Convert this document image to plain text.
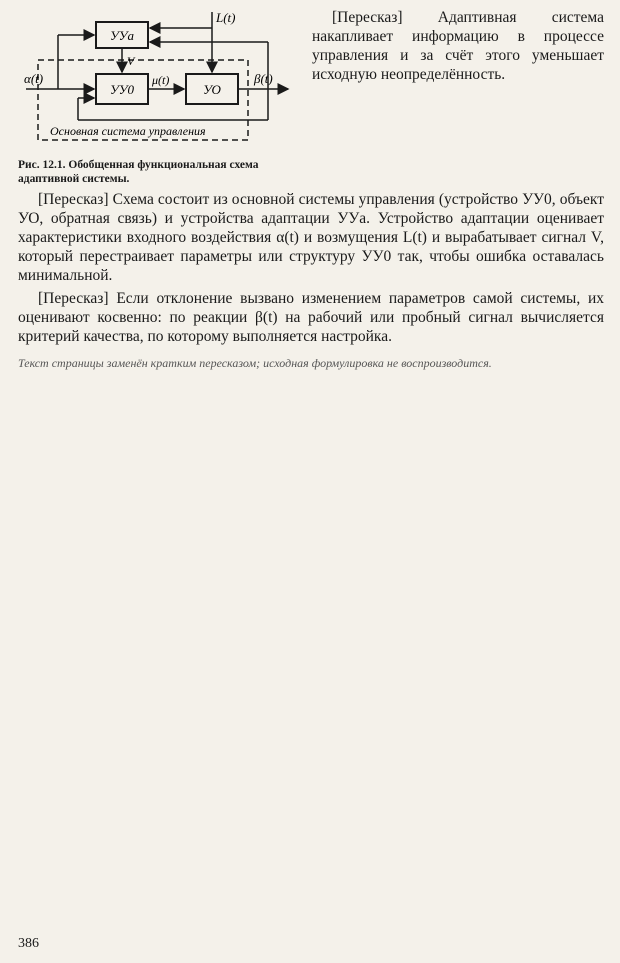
УУа
УУ0	УО
α(t)	μ(t)	β(t)
L(t)
V
Основная система управления
Рис. 12.1. Обобщенная функциональная схема адаптивной системы.

[Пересказ] Адаптивная система накапливает информацию в процессе управления и за счёт этого уменьшает исходную неопределённость.

[Пересказ] Схема состоит из основной системы управления (устройство УУ0, объект УО, обратная связь) и устройства адаптации УУа. Устройство адаптации оценивает характеристики входного воздействия α(t) и возмущения L(t) и вырабатывает сигнал V, который перестраивает параметры или структуру УУ0 так, чтобы ошибка оставалась минимальной.

[Пересказ] Если отклонение вызвано изменением параметров самой системы, их оценивают косвенно: по реакции β(t) на рабочий или пробный сигнал вычисляется критерий качества, по которому выполняется настройка.

Текст страницы заменён кратким пересказом; исходная формулировка не воспроизводится.
386
